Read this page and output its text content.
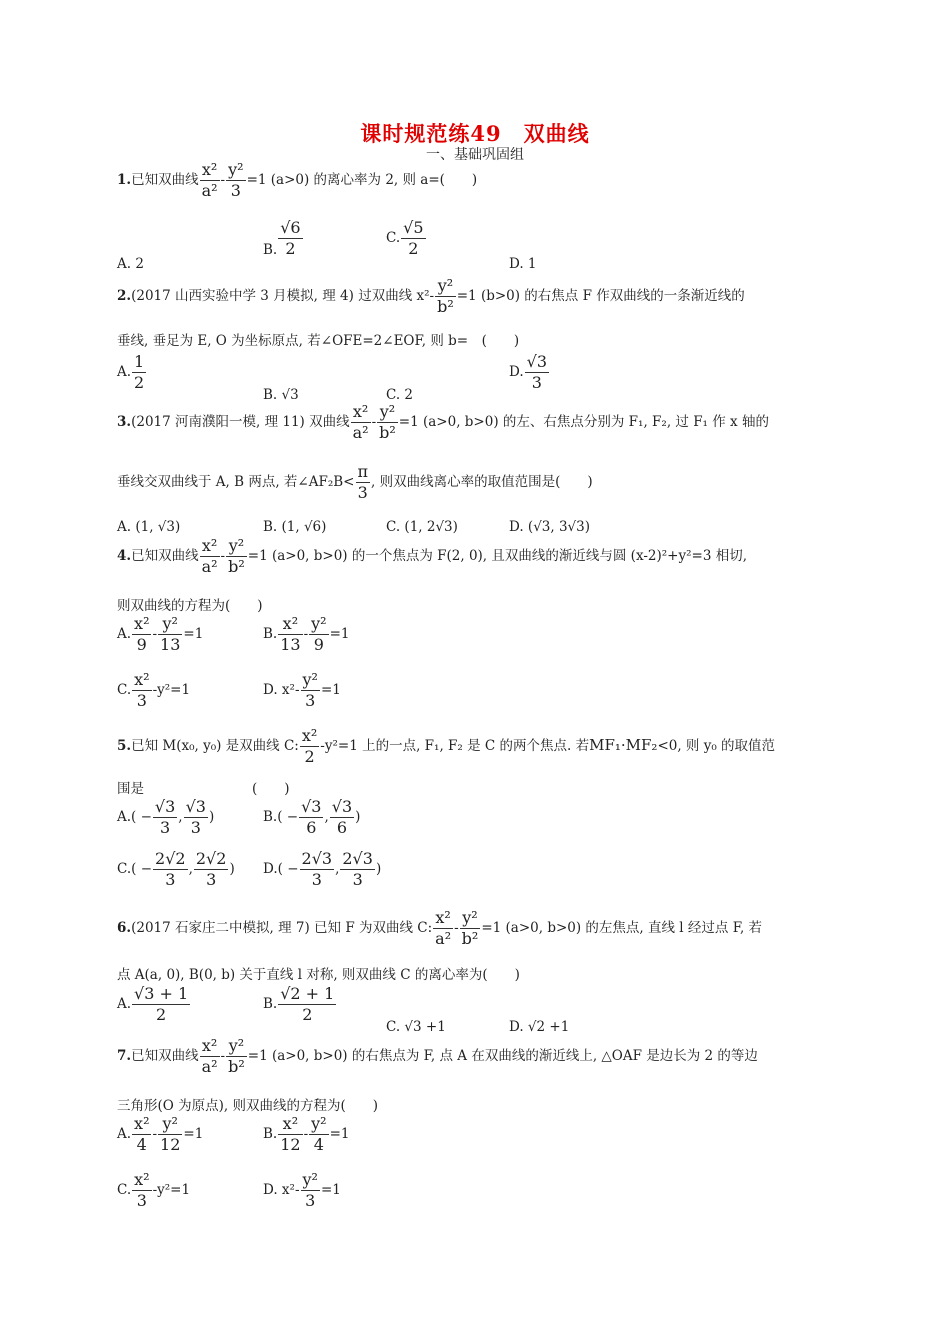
课时规范练49　双曲线
一、基础巩固组
1.已知双曲线 $\frac{\text{x²}}{\text{a²}} - \frac{\text{y²}}{3} =1$ (a>0) 的离心率为 2, 则 a=(　　)
A. 2
B. $\frac{√6}{2}$	C. $\frac{√5}{2}$
D. 1
2.(2017 山西实验中学 3 月模拟, 理 4) 过双曲线 $x^2- \frac{\text{y²}}{\text{b²}} =1$ (b>0) 的右焦点 F 作双曲线的一条渐近线的
垂线, 垂足为 E, O 为坐标原点, 若∠OFE=2∠EOF, 则 b=　(　　)
A. $\frac{1}{2}$
B. √3	C. 2
D. $\frac{√3}{3}$
3.(2017 河南濮阳一模, 理 11) 双曲线 $\frac{\text{x²}}{\text{a²}} - \frac{\text{y²}}{\text{b²}} =1$ (a>0, b>0) 的左、右焦点分别为 F₁, F₂, 过 F₁ 作 x 轴的
垂线交双曲线于 A, B 两点, 若∠AF₂B< $\frac{\pi}{3}$ , 则双曲线离心率的取值范围是(　　)
A. (1, √3)	B. (1, √6)	C. (1, 2√3)	D. (√3, 3√3)
4.已知双曲线 $\frac{\text{x²}}{\text{a²}} - \frac{\text{y²}}{\text{b²}} =1$ (a>0, b>0) 的一个焦点为 F(2, 0), 且双曲线的渐近线与圆 (x-2)²+y²=3 相切,
则双曲线的方程为(　　)
A. $\frac{\text{x²}}{9} - \frac{\text{y²}}{13} =1$	B. $\frac{\text{x²}}{13} - \frac{\text{y²}}{9} =1$
C. $\frac{\text{x²}}{3} -y^2=1$	D. $x^2- \frac{\text{y²}}{3} =1$
5.已知 M(x₀, y₀) 是双曲线 C: $\frac{\text{x²}}{2} -y^2=1$ 上的一点, F₁, F₂ 是 C 的两个焦点. 若MF₁·MF₂<0, 则 y₀ 的取值范
围是　　　　　　　　(　　)
$A.( - \frac{√3}{3}$ , $\frac{√3}{3}$ )	$B.( - \frac{√3}{6}$ , $\frac{√3}{6}$ )
$C.( - \frac{2√2}{3}$ , $\frac{2√2}{3}$ ) $D.( - \frac{2√3}{3}$ , $\frac{2√3}{3}$ )
6.(2017 石家庄二中模拟, 理 7) 已知 F 为双曲线 C: $\frac{\text{x²}}{\text{a²}} - \frac{\text{y²}}{\text{b²}} =1$ (a>0, b>0) 的左焦点, 直线 l 经过点 F, 若
点 A(a, 0), B(0, b) 关于直线 l 对称, 则双曲线 C 的离心率为(　　)
A. $\frac{√3 + 1}{2}$	B. $\frac{√2 + 1}{2}$
C. √3 +1	D. √2 +1
7.已知双曲线 $\frac{\text{x²}}{\text{a²}} - \frac{\text{y²}}{\text{b²}} =1$ (a>0, b>0) 的右焦点为 F, 点 A 在双曲线的渐近线上, △OAF 是边长为 2 的等边
三角形(O 为原点), 则双曲线的方程为(　　)
A. $\frac{\text{x²}}{4} - \frac{\text{y²}}{12} =1$	B. $\frac{\text{x²}}{12} - \frac{\text{y²}}{4} =1$
C. $\frac{\text{x²}}{3} -y^2=1$	D. $x^2- \frac{\text{y²}}{3} =1$
